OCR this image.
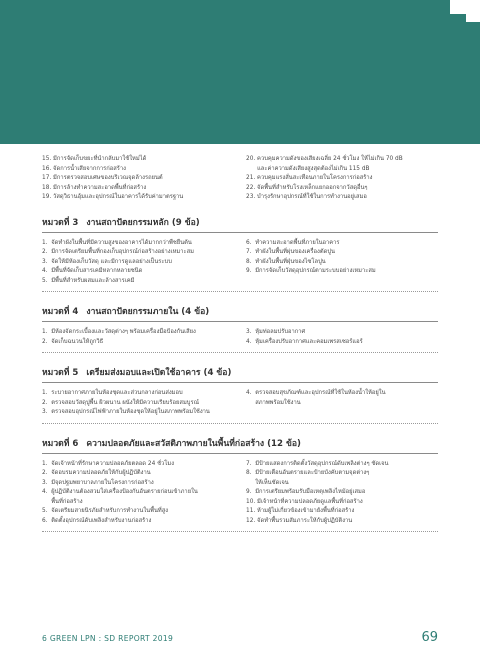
15. มีการจัดเก็บขยะที่นำกลับมาใช้ใหม่ได้
16. จัดการน้ำเสียจากการก่อสร้าง
17. มีการตรวจสอบเศษของบริเวณจุดล้างรถยนต์
18. มีการล้างทำความสะอาดพื้นที่ก่อสร้าง
19. วัสดุวิธานอุ้มและอุปกรณ์ในอาคารได้รับค่ามาตรฐาน
20. ควบคุมความดังของเสียงเฉลี่ย 24 ชั่วโมง ให้ไม่เกิน 70 dB
และค่าความดังเสียงสูงสุดต้องไม่เกิน 115 dB
21. ควบคุมแรงสั่นสะเทือนภายในโครงการก่อสร้าง
22. จัดพื้นที่สำหรับโรงเหล็กแยกออกจากวัสดุอื่นๆ
23. บำรุงรักษาอุปกรณ์ที่ใช้ในการทำงานอยู่เสมอ
หมวดที่ 3 งานสถาปัตยกรรมหลัก (9 ข้อ)
1.  จัดทำผังในพื้นที่มีความสูงของอาคารได้มากกว่าพืชยืนต้น
2.  มีการจัดเตรียมพื้นที่กองเก็บอุปกรณ์ก่อสร้างอย่างเหมาะสม
3.  จัดให้มีห้องเก็บวัสดุ และมีการดูแลอย่างเป็นระบบ
4.  มีพื้นที่จัดเก็บสารเคมีหลากหลายชนิด
5.  มีพื้นที่สำหรับผสมและล้างสารเคมี
6.  ทำความสะอาดพื้นที่ภายในอาคาร
7.  ทำผังในพื้นที่ผุ่นของเครื่องตัดปูน
8.  ทำผังในพื้นที่ฝุ่นของไซโลปูน
9.  มีการจัดเก็บวัสดุอุปกรณ์ตามระบบอย่างเหมาะสม
หมวดที่ 4 งานสถาปัตยกรรมภายใน (4 ข้อ)
1.  มีห้องจัดกระเบื้องและวัสดุต่างๆ พร้อมเครื่องมือป้องกันเสียง
2.  จัดเก็บฉนวนให้ถูกวิธี
3.  หุ้มท่อลมปรับอากาศ
4.  หุ้มเครื่องปรับอากาศและคอมเพรสเซอร์แอร์
หมวดที่ 5 เตรียมส่งมอบและเปิดใช้อาคาร (4 ข้อ)
1.  ระบายอากาศภายในห้องชุดและส่วนกลางก่อนส่งมอบ
2.  ตรวจสอบวัสดุปูพื้น ผิวผนาน ผนังให้มีความเรียบร้อยสมบูรณ์
3.  ตรวจสอบอุปกรณ์ไฟฟ้าภายในห้องชุดให้อยู่ในสภาพพร้อมใช้งาน
4.  ตรวจสอบสุขภัณฑ์และอุปกรณ์ที่ใช้ในห้องน้ำให้อยู่ใน
สภาพพร้อมใช้งาน
หมวดที่ 6 ความปลอดภัยและสวัสดิภาพภายในพื้นที่ก่อสร้าง (12 ข้อ)
1.  จัดเจ้าหน้าที่รักษาความปลอดภัยตลอด 24 ชั่วโมง
2.  จัดอบรมความปลอดภัยให้กับผู้ปฏิบัติงาน
3.  มีจุดปฐมพยาบาลภายในโครงการก่อสร้าง
4.  ผู้ปฏิบัติงานต้องสวมใส่เครื่องป้องกันอันตรายก่อนเข้าภายใน
พื้นที่ก่อสร้าง
5.  จัดเตรียมสายนิรภัยสำหรับการทำงานในพื้นที่สูง
6.  ติดตั้งอุปกรณ์ดับเพลิงสำหรับงานก่อสร้าง
7.  มีป้ายแสดงการติดตั้งวัสดุอุปกรณ์ดับเพลิงต่างๆ ชัดเจน
8.  มีป้ายเตือนอันตรายและป้ายบังคับตามจุดต่างๆ
ให้เห็นชัดเจน
9.  มีการเตรียมพร้อมรับมือเหตุเพลิงไหม้อยู่เสมอ
10. มีเจ้าหน้าที่ความปลอดภัยดูแลพื้นที่ก่อสร้าง
11. ห้ามผู้ไม่เกี่ยวข้องเข้ามายังพื้นที่ก่อสร้าง
12. จัดทำพื้นรวมสัมภาระให้กับผู้ปฏิบัติงาน
6 GREEN LPN : SD REPORT 2019	69
